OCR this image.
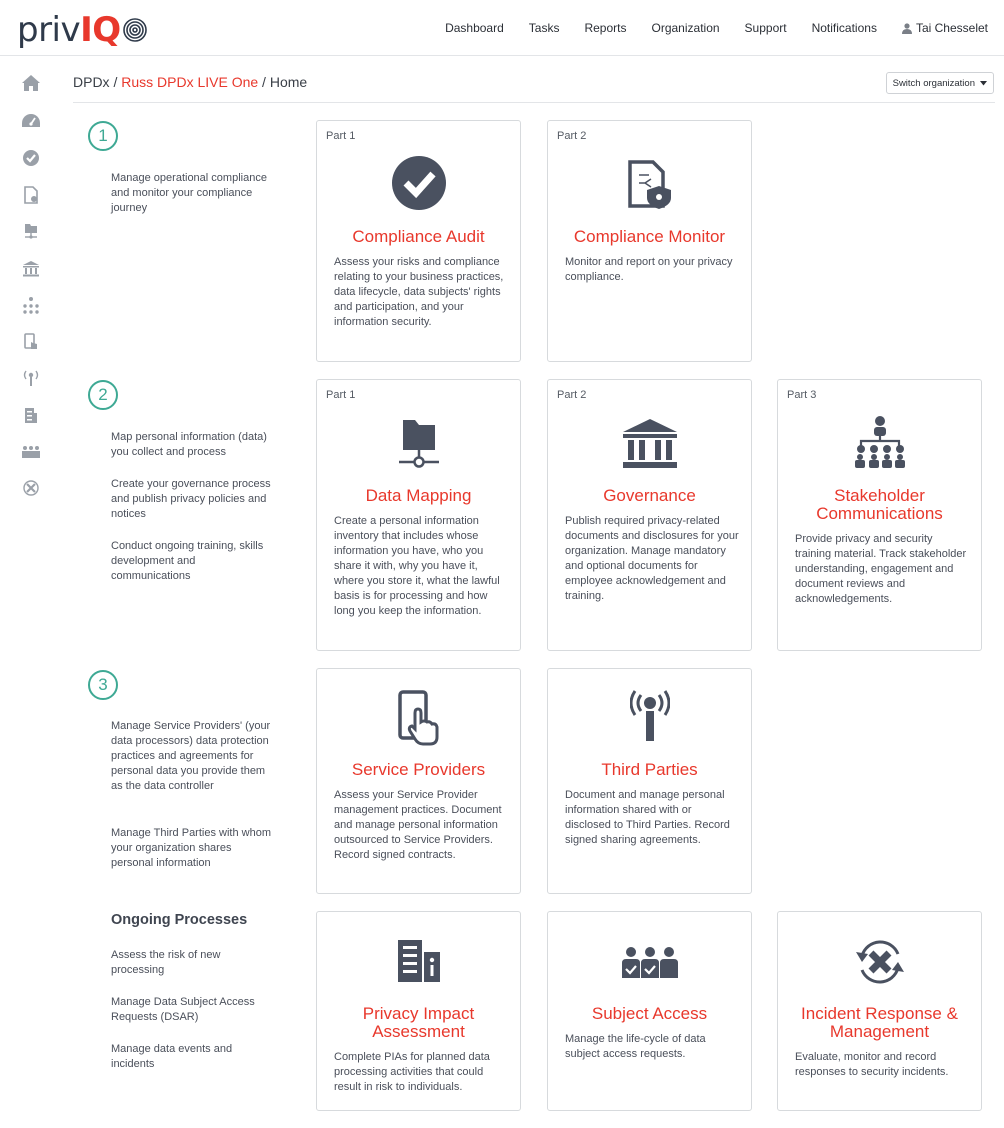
priv IQ	Dashboard Tasks Reports Organization Support Notifications	Tai Chesselet
DPDx / Russ DPDx LIVE One / Home	Switch organization
1
Manage operational compliance and monitor your compliance journey
Part 1
Compliance Audit
Assess your risks and compliance relating to your business practices, data lifecycle, data subjects' rights and participation, and your information security.
Part 2
Compliance Monitor
Monitor and report on your privacy compliance.
2
Map personal information (data) you collect and process
Create your governance process and publish privacy policies and notices
Conduct ongoing training, skills development and communications
Part 1
Data Mapping
Create a personal information inventory that includes whose information you have, who you share it with, why you have it, where you store it, what the lawful basis is for processing and how long you keep the information.
Part 2
Governance
Publish required privacy-related documents and disclosures for your organization. Manage mandatory and optional documents for employee acknowledgement and training.
Part 3
Stakeholder Communications
Provide privacy and security training material. Track stakeholder understanding, engagement and document reviews and acknowledgements.
3
Manage Service Providers' (your data processors) data protection practices and agreements for personal data you provide them as the data controller
Manage Third Parties with whom your organization shares personal information
Service Providers
Assess your Service Provider management practices. Document and manage personal information outsourced to Service Providers. Record signed contracts.
Third Parties
Document and manage personal information shared with or disclosed to Third Parties. Record signed sharing agreements.
Ongoing Processes
Assess the risk of new processing
Manage Data Subject Access Requests (DSAR)
Manage data events and incidents
Privacy Impact Assessment
Complete PIAs for planned data processing activities that could result in risk to individuals.
Subject Access
Manage the life-cycle of data subject access requests.
Incident Response & Management
Evaluate, monitor and record responses to security incidents.
